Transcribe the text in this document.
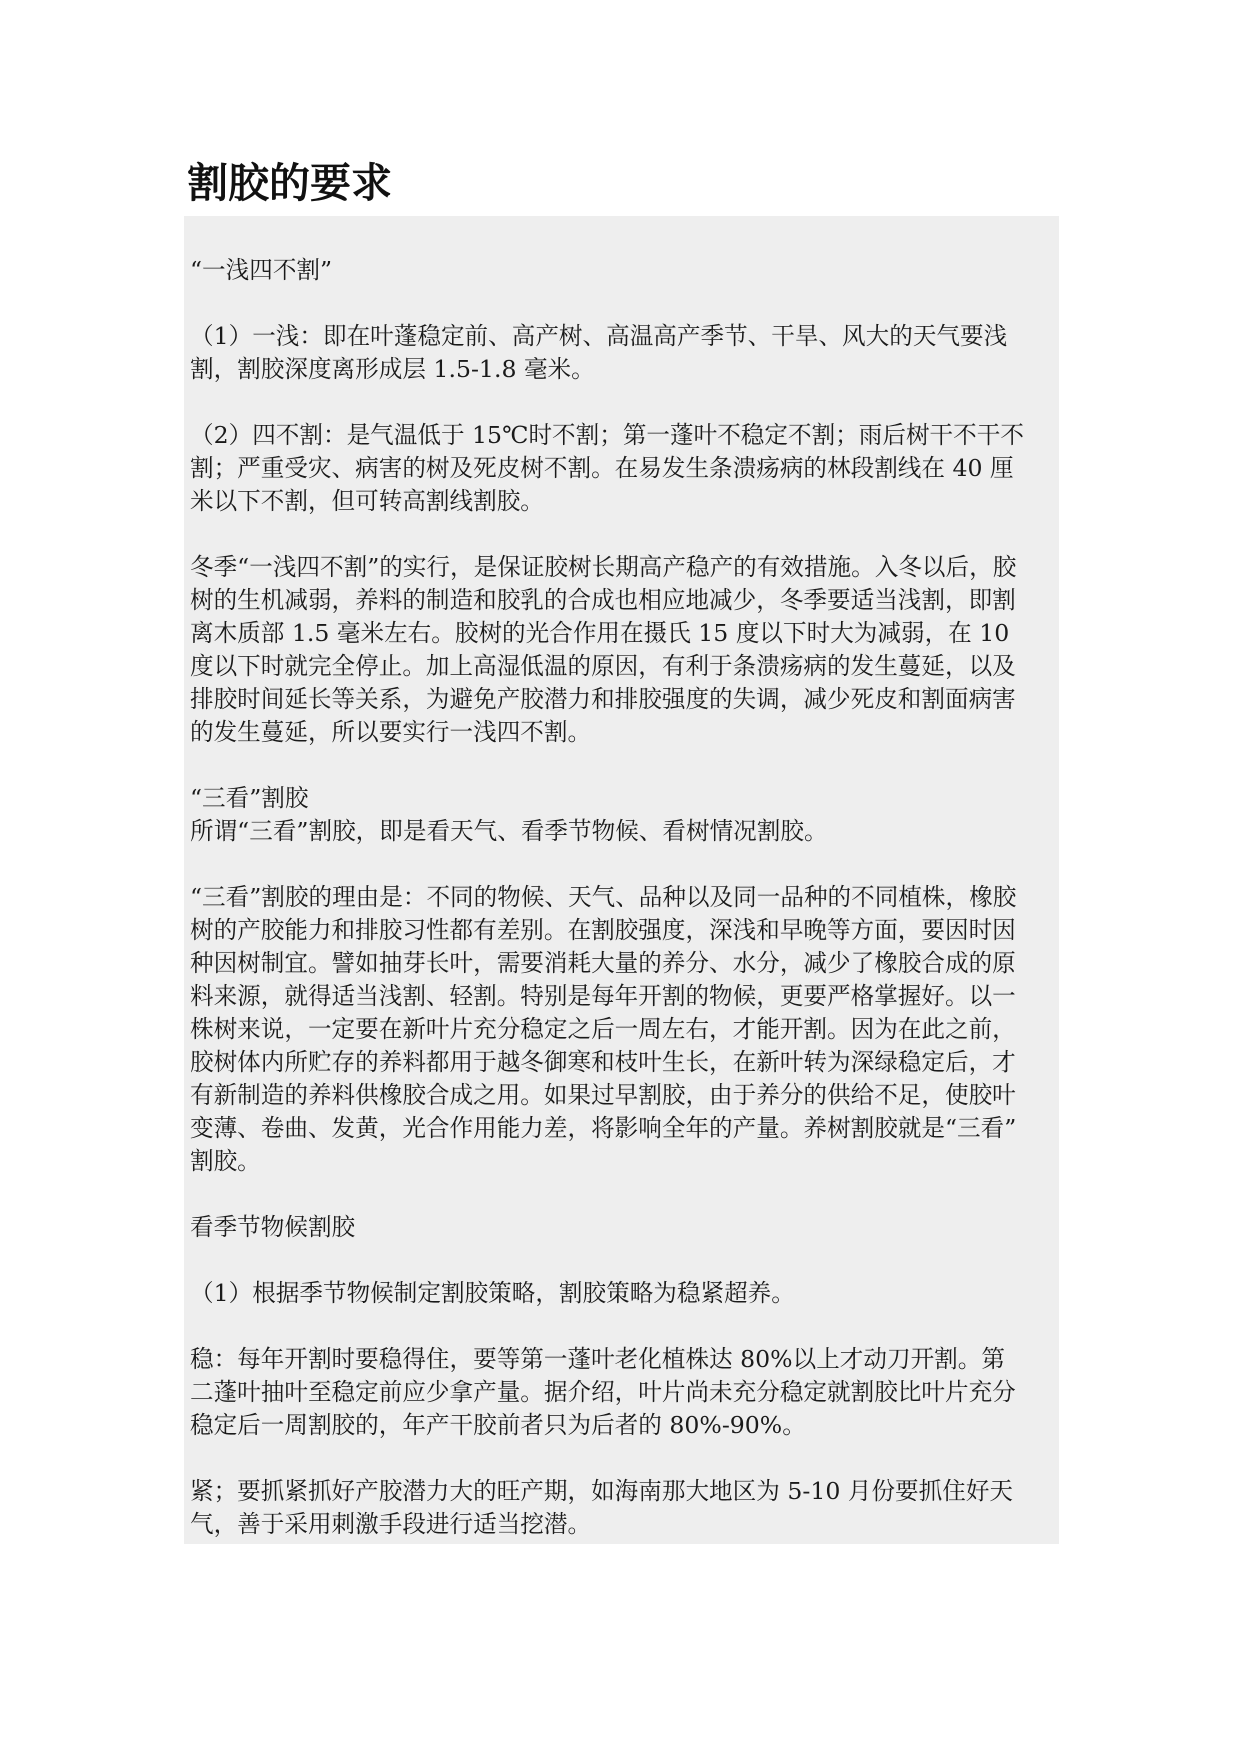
割胶的要求
“一浅四不割”
（1）一浅：即在叶蓬稳定前、高产树、高温高产季节、干旱、风大的天气要浅
割，割胶深度离形成层 1.5-1.8 毫米。
（2）四不割：是气温低于 15℃时不割；第一蓬叶不稳定不割；雨后树干不干不
割；严重受灾、病害的树及死皮树不割。在易发生条溃疡病的林段割线在 40 厘
米以下不割，但可转高割线割胶。
冬季“一浅四不割”的实行，是保证胶树长期高产稳产的有效措施。入冬以后，胶
树的生机减弱，养料的制造和胶乳的合成也相应地减少，冬季要适当浅割，即割
离木质部 1.5 毫米左右。胶树的光合作用在摄氏 15 度以下时大为减弱，在 10
度以下时就完全停止。加上高湿低温的原因，有利于条溃疡病的发生蔓延，以及
排胶时间延长等关系，为避免产胶潜力和排胶强度的失调，减少死皮和割面病害
的发生蔓延，所以要实行一浅四不割。
“三看”割胶
所谓“三看”割胶，即是看天气、看季节物候、看树情况割胶。
“三看”割胶的理由是：不同的物候、天气、品种以及同一品种的不同植株，橡胶
树的产胶能力和排胶习性都有差别。在割胶强度，深浅和早晚等方面，要因时因
种因树制宜。譬如抽芽长叶，需要消耗大量的养分、水分，减少了橡胶合成的原
料来源，就得适当浅割、轻割。特别是每年开割的物候，更要严格掌握好。以一
株树来说，一定要在新叶片充分稳定之后一周左右，才能开割。因为在此之前，
胶树体内所贮存的养料都用于越冬御寒和枝叶生长，在新叶转为深绿稳定后，才
有新制造的养料供橡胶合成之用。如果过早割胶，由于养分的供给不足，使胶叶
变薄、卷曲、发黄，光合作用能力差，将影响全年的产量。养树割胶就是“三看”
割胶。
看季节物候割胶
（1）根据季节物候制定割胶策略，割胶策略为稳紧超养。
稳：每年开割时要稳得住，要等第一蓬叶老化植株达 80%以上才动刀开割。第
二蓬叶抽叶至稳定前应少拿产量。据介绍，叶片尚未充分稳定就割胶比叶片充分
稳定后一周割胶的，年产干胶前者只为后者的 80%-90%。
紧；要抓紧抓好产胶潜力大的旺产期，如海南那大地区为 5-10 月份要抓住好天
气，善于采用刺激手段进行适当挖潜。
